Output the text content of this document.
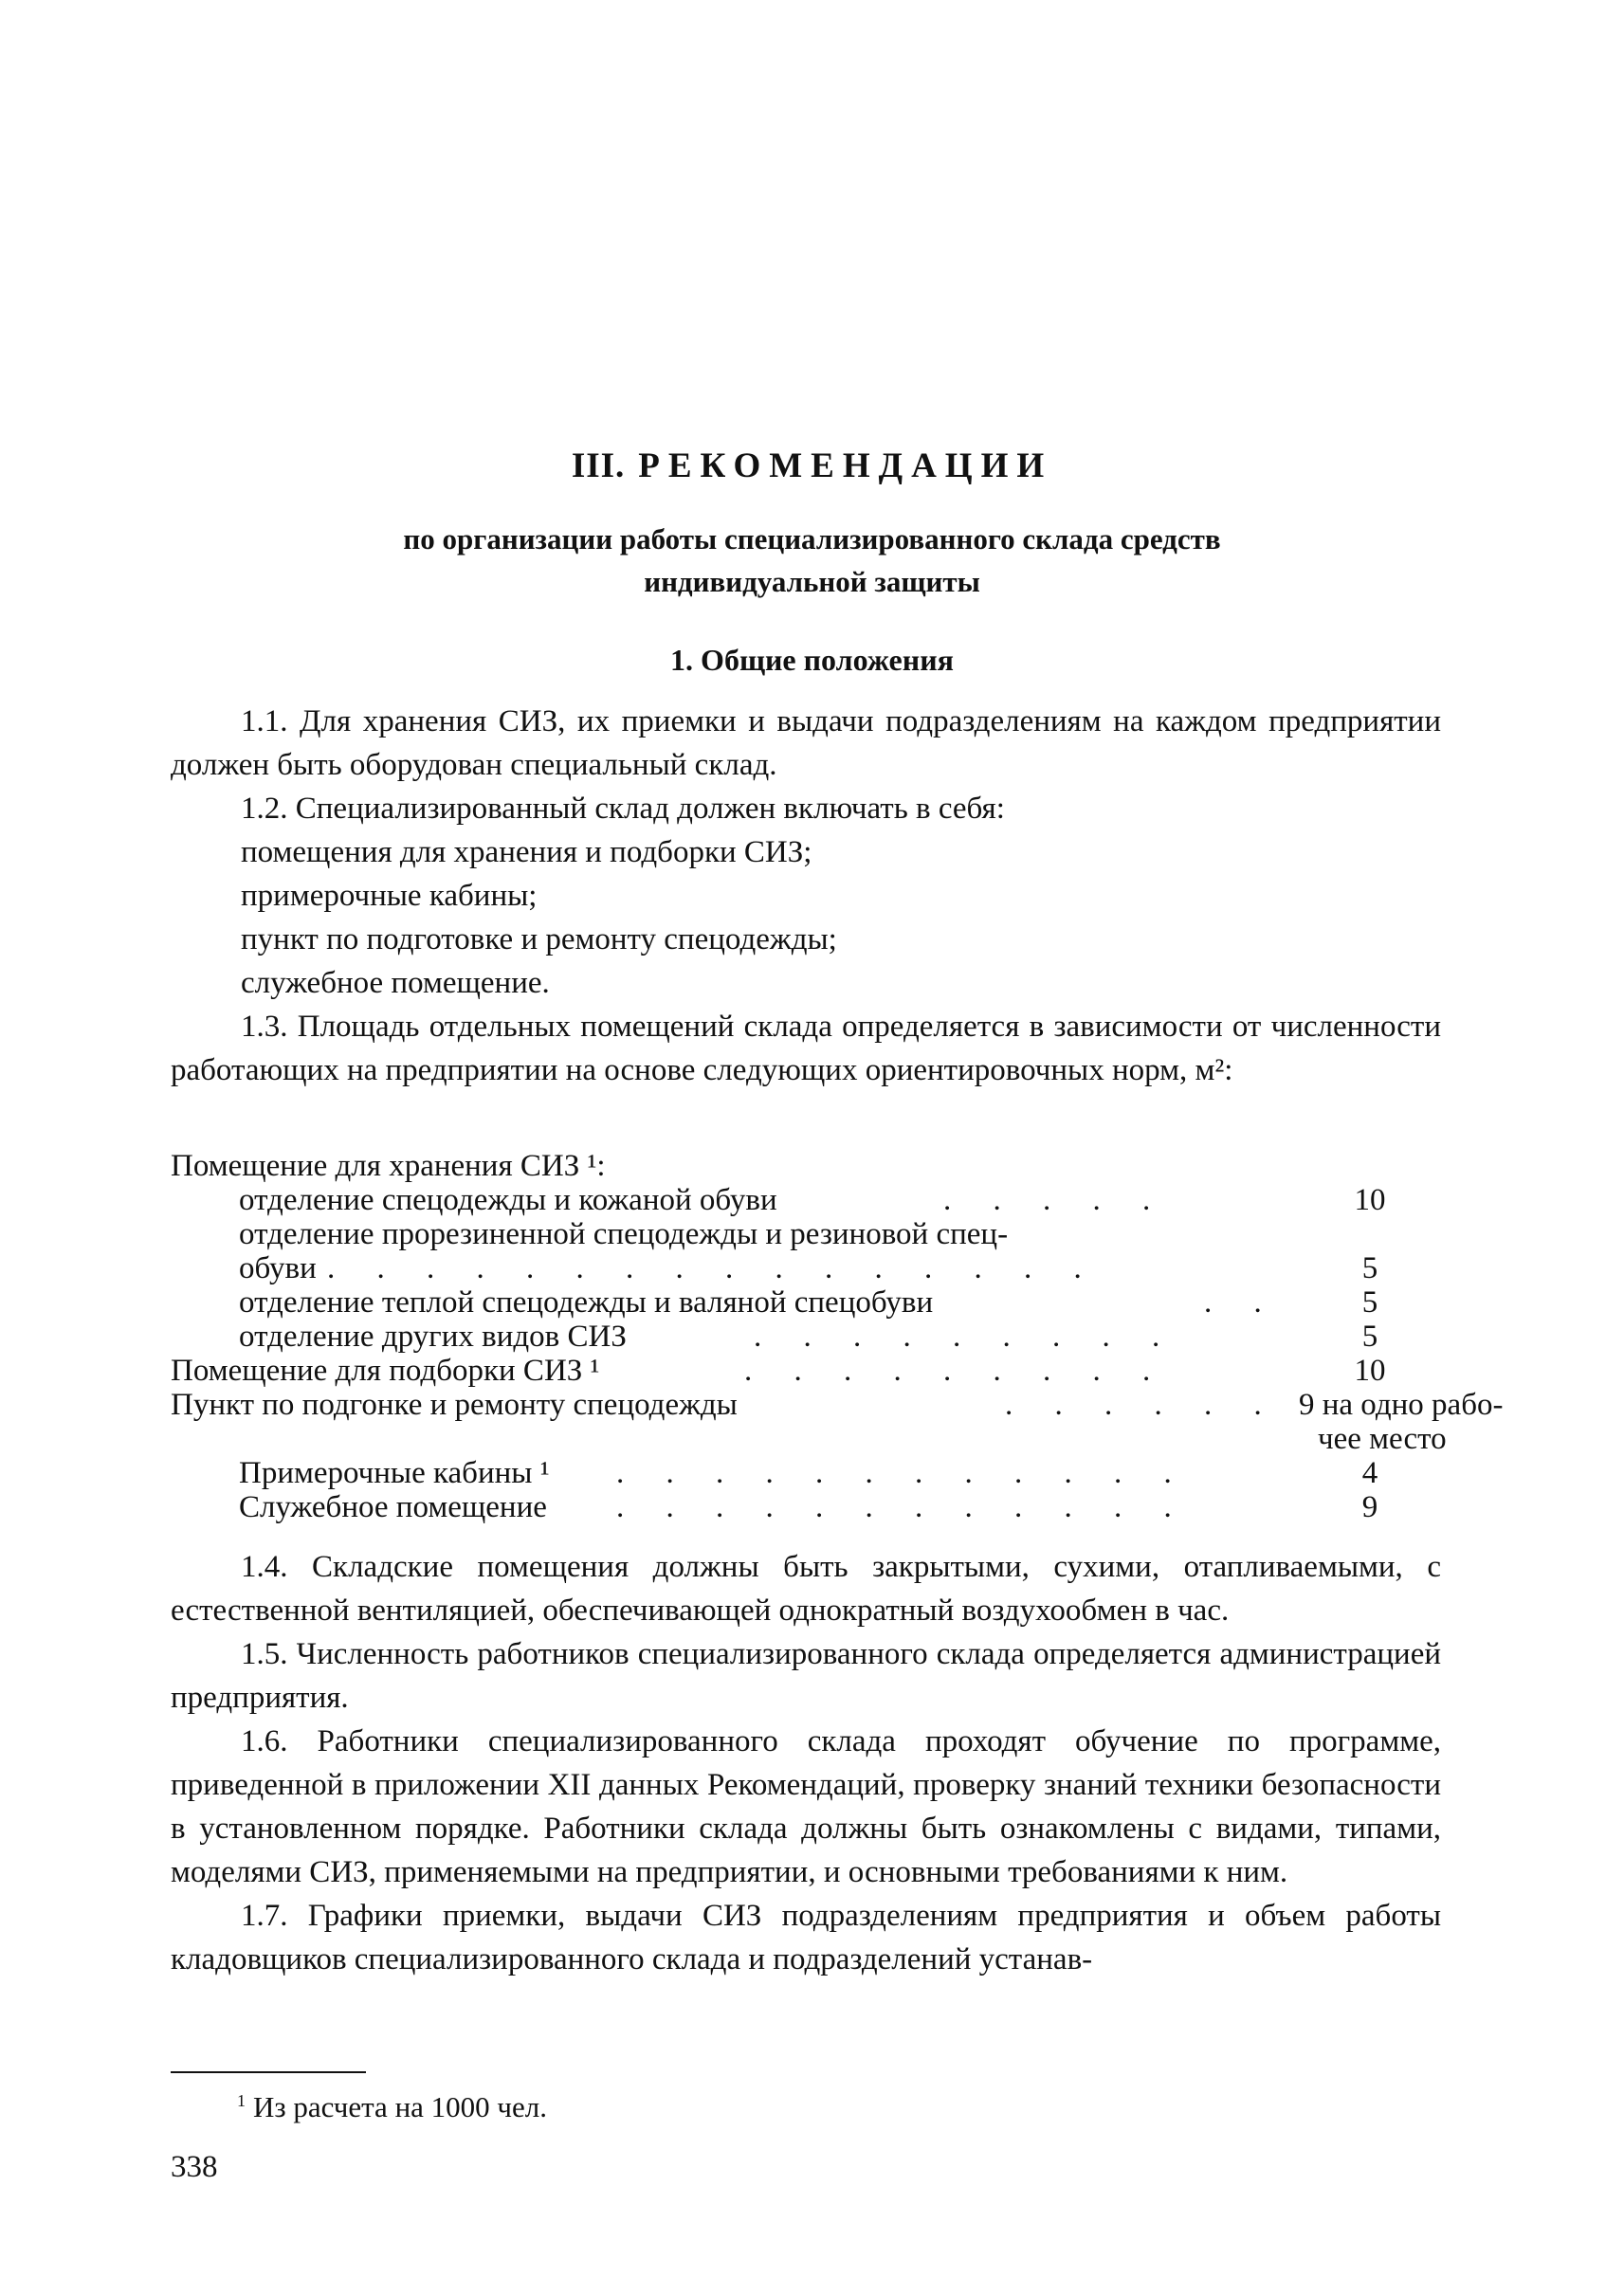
III. РЕКОМЕНДАЦИИ
по организации работы специализированного склада средств
индивидуальной защиты
1. Общие положения

1.1. Для хранения СИЗ, их приемки и выдачи подразделениям на каждом предприятии должен быть оборудован специальный склад.

1.2. Специализированный склад должен включать в себя:

помещения для хранения и подборки СИЗ;

примерочные кабины;

пункт по подготовке и ремонту спецодежды;

служебное помещение.

1.3. Площадь отдельных помещений склада определяется в зависимости от численности работающих на предприятии на основе следующих ориентировочных норм, м²:

Помещение для хранения СИЗ ¹:
отделение спецодежды и кожаной обуви	. . . . .	10
отделение прорезиненной спецодежды и резиновой спец-
обуви . . . . . . . . . . . . . . . .	5
отделение теплой спецодежды и валяной спецобуви	. .	5
отделение других видов СИЗ	. . . . . . . . .	5
Помещение для подборки СИЗ ¹	. . . . . . . . .	10
Пункт по подгонке и ремонту спецодежды	. . . . . . 9 на одно рабо-
чее место
Примерочные кабины ¹ . . . . . . . . . . . .	4
Служебное помещение . . . . . . . . . . . .	9

1.4. Складские помещения должны быть закрытыми, сухими, отапливаемыми, с естественной вентиляцией, обеспечивающей однократный воздухообмен в час.

1.5. Численность работников специализированного склада определяется администрацией предприятия.

1.6. Работники специализированного склада проходят обучение по программе, приведенной в приложении XII данных Рекомендаций, проверку знаний техники безопасности в установленном порядке. Работники склада должны быть ознакомлены с видами, типами, моделями СИЗ, применяемыми на предприятии, и основными требованиями к ним.

1.7. Графики приемки, выдачи СИЗ подразделениям предприятия и объем работы кладовщиков специализированного склада и подразделений устанав-

$^1$ Из расчета на 1000 чел.
338
